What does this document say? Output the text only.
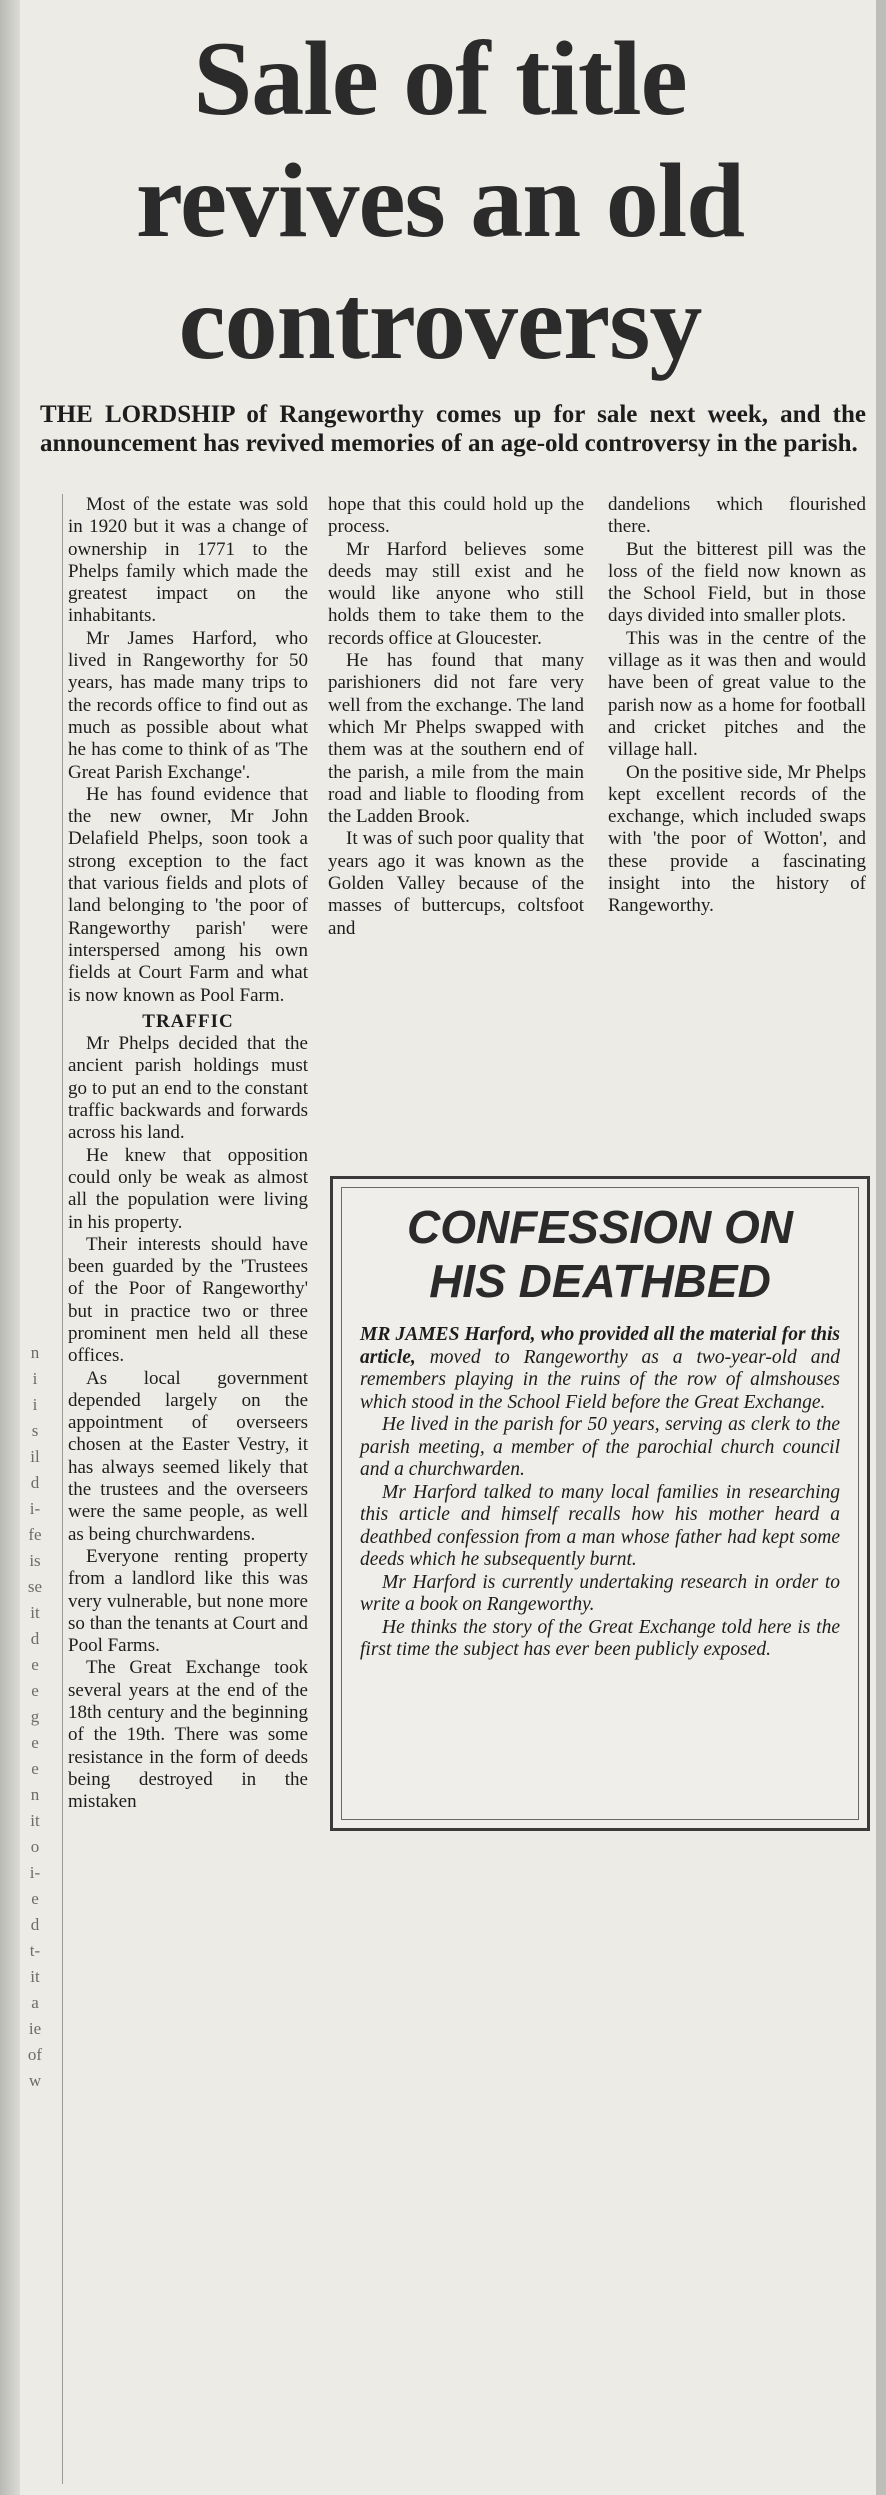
Sale of title
revives an old
controversy

THE LORDSHIP of Rangeworthy comes up for sale next week, and the announcement has revived memories of an age-old controversy in the parish.

Most of the estate was sold in 1920 but it was a change of ownership in 1771 to the Phelps family which made the greatest impact on the inhabitants.

Mr James Harford, who lived in Rangeworthy for 50 years, has made many trips to the records office to find out as much as possible about what he has come to think of as 'The Great Parish Exchange'.

He has found evidence that the new owner, Mr John Delafield Phelps, soon took a strong exception to the fact that various fields and plots of land belonging to 'the poor of Rangeworthy parish' were interspersed among his own fields at Court Farm and what is now known as Pool Farm.

TRAFFIC

Mr Phelps decided that the ancient parish holdings must go to put an end to the constant traffic backwards and forwards across his land.

He knew that opposition could only be weak as almost all the population were living in his property.

Their interests should have been guarded by the 'Trustees of the Poor of Rangeworthy' but in practice two or three prominent men held all these offices.

As local government depended largely on the appointment of overseers chosen at the Easter Vestry, it has always seemed likely that the trustees and the overseers were the same people, as well as being churchwardens.

Everyone renting property from a landlord like this was very vulnerable, but none more so than the tenants at Court and Pool Farms.

The Great Exchange took several years at the end of the 18th century and the beginning of the 19th. There was some resistance in the form of deeds being destroyed in the mistaken

hope that this could hold up the process.

Mr Harford believes some deeds may still exist and he would like anyone who still holds them to take them to the records office at Gloucester.

He has found that many parishioners did not fare very well from the exchange. The land which Mr Phelps swapped with them was at the southern end of the parish, a mile from the main road and liable to flooding from the Ladden Brook.

It was of such poor quality that years ago it was known as the Golden Valley because of the masses of buttercups, coltsfoot and

dandelions which flourished there.

But the bitterest pill was the loss of the field now known as the School Field, but in those days divided into smaller plots.

This was in the centre of the village as it was then and would have been of great value to the parish now as a home for football and cricket pitches and the village hall.

On the positive side, Mr Phelps kept excellent records of the exchange, which included swaps with 'the poor of Wotton', and these provide a fascinating insight into the history of Rangeworthy.

CONFESSION ON
HIS DEATHBED

MR JAMES Harford, who provided all the material for this article, moved to Rangeworthy as a two-year-old and remembers playing in the ruins of the row of almshouses which stood in the School Field before the Great Exchange.

He lived in the parish for 50 years, serving as clerk to the parish meeting, a member of the parochial church council and a churchwarden.

Mr Harford talked to many local families in researching this article and himself recalls how his mother heard a deathbed confession from a man whose father had kept some deeds which he subsequently burnt.

Mr Harford is currently undertaking research in order to write a book on Rangeworthy.

He thinks the story of the Great Exchange told here is the first time the subject has ever been publicly exposed.

n
i
i
s
il
d
i-
fe
is
se
it
d
e
e
g
e
e
n
it
o
i-
e
d
t-
it
a
ie
of
w
